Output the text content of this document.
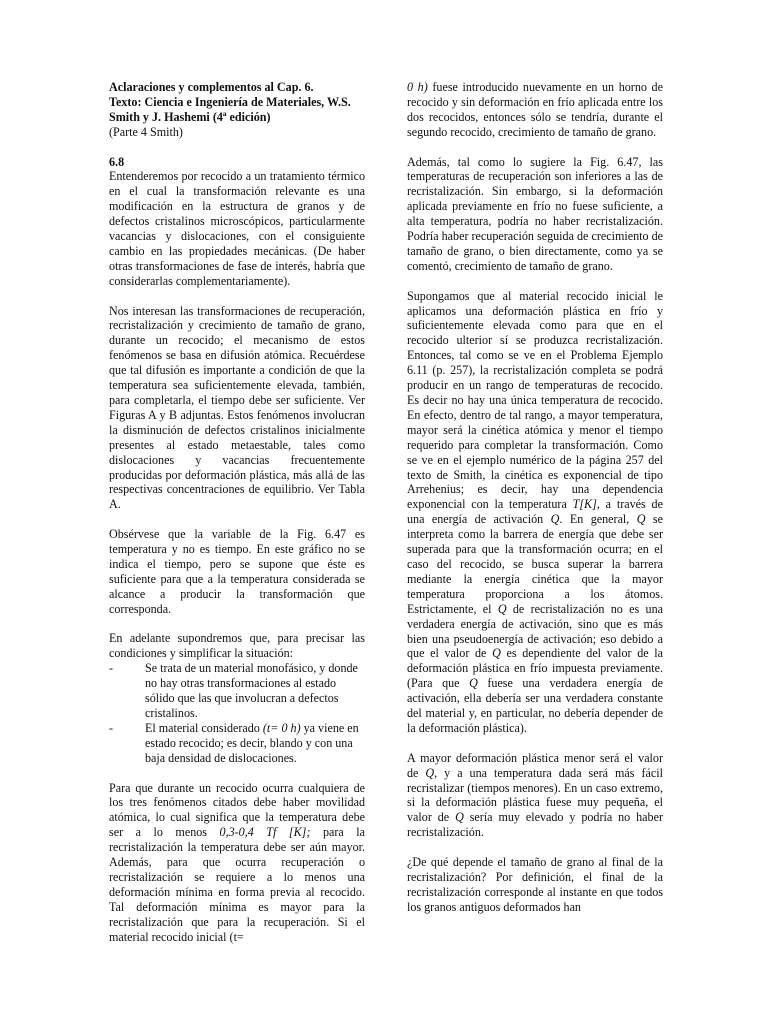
Aclaraciones y complementos al Cap. 6.
Texto: Ciencia e Ingeniería de Materiales, W.S. Smith y J. Hashemi (4ª edición)
(Parte 4 Smith)

6.8
Entenderemos por recocido a un tratamiento térmico en el cual la transformación relevante es una modificación en la estructura de granos y de defectos cristalinos microscópicos, particularmente vacancias y dislocaciones, con el consiguiente cambio en las propiedades mecánicas. (De haber otras transformaciones de fase de interés, habría que considerarlas complementariamente).

Nos interesan las transformaciones de recuperación, recristalización y crecimiento de tamaño de grano, durante un recocido; el mecanismo de estos fenómenos se basa en difusión atómica. Recuérdese que tal difusión es importante a condición de que la temperatura sea suficientemente elevada, también, para completarla, el tiempo debe ser suficiente. Ver Figuras A y B adjuntas. Estos fenómenos involucran la disminución de defectos cristalinos inicialmente presentes al estado metaestable, tales como dislocaciones y vacancias frecuentemente producidas por deformación plástica, más allá de las respectivas concentraciones de equilibrio. Ver Tabla A.

Obsérvese que la variable de la Fig. 6.47 es temperatura y no es tiempo. En este gráfico no se indica el tiempo, pero se supone que éste es suficiente para que a la temperatura considerada se alcance a producir la transformación que corresponda.

En adelante supondremos que, para precisar las condiciones y simplificar la situación:

-	Se trata de un material monofásico, y donde no hay otras transformaciones al estado sólido que las que involucran a defectos cristalinos.
-	El material considerado (t= 0 h) ya viene en estado recocido; es decir, blando y con una baja densidad de dislocaciones.

Para que durante un recocido ocurra cualquiera de los tres fenómenos citados debe haber movilidad atómica, lo cual significa que la temperatura debe ser a lo menos 0,3-0,4 Tf [K]; para la recristalización la temperatura debe ser aún mayor. Además, para que ocurra recuperación o recristalización se requiere a lo menos una deformación mínima en forma previa al recocido. Tal deformación mínima es mayor para la recristalización que para la recuperación. Si el material recocido inicial (t=

0 h) fuese introducido nuevamente en un horno de recocido y sin deformación en frío aplicada entre los dos recocidos, entonces sólo se tendría, durante el segundo recocido, crecimiento de tamaño de grano.

Además, tal como lo sugiere la Fig. 6.47, las temperaturas de recuperación son inferiores a las de recristalización. Sin embargo, si la deformación aplicada previamente en frío no fuese suficiente, a alta temperatura, podría no haber recristalización. Podría haber recuperación seguida de crecimiento de tamaño de grano, o bien directamente, como ya se comentó, crecimiento de tamaño de grano.

Supongamos que al material recocido inicial le aplicamos una deformación plástica en frío y suficientemente elevada como para que en el recocido ulterior sí se produzca recristalización. Entonces, tal como se ve en el Problema Ejemplo 6.11 (p. 257), la recristalización completa se podrá producir en un rango de temperaturas de recocido. Es decir no hay una única temperatura de recocido. En efecto, dentro de tal rango, a mayor temperatura, mayor será la cinética atómica y menor el tiempo requerido para completar la transformación. Como se ve en el ejemplo numérico de la página 257 del texto de Smith, la cinética es exponencial de tipo Arrehenius; es decir, hay una dependencia exponencial con la temperatura T[K], a través de una energía de activación Q. En general, Q se interpreta como la barrera de energía que debe ser superada para que la transformación ocurra; en el caso del recocido, se busca superar la barrera mediante la energía cinética que la mayor temperatura proporciona a los átomos. Estrictamente, el Q de recristalización no es una verdadera energía de activación, sino que es más bien una pseudoenergía de activación; eso debido a que el valor de Q es dependiente del valor de la deformación plástica en frío impuesta previamente. (Para que Q fuese una verdadera energía de activación, ella debería ser una verdadera constante del material y, en particular, no debería depender de la deformación plástica).

A mayor deformación plástica menor será el valor de Q, y a una temperatura dada será más fácil recristalizar (tiempos menores). En un caso extremo, si la deformación plástica fuese muy pequeña, el valor de Q sería muy elevado y podría no haber recristalización.

¿De qué depende el tamaño de grano al final de la recristalización? Por definición, el final de la recristalización corresponde al instante en que todos los granos antiguos deformados han
